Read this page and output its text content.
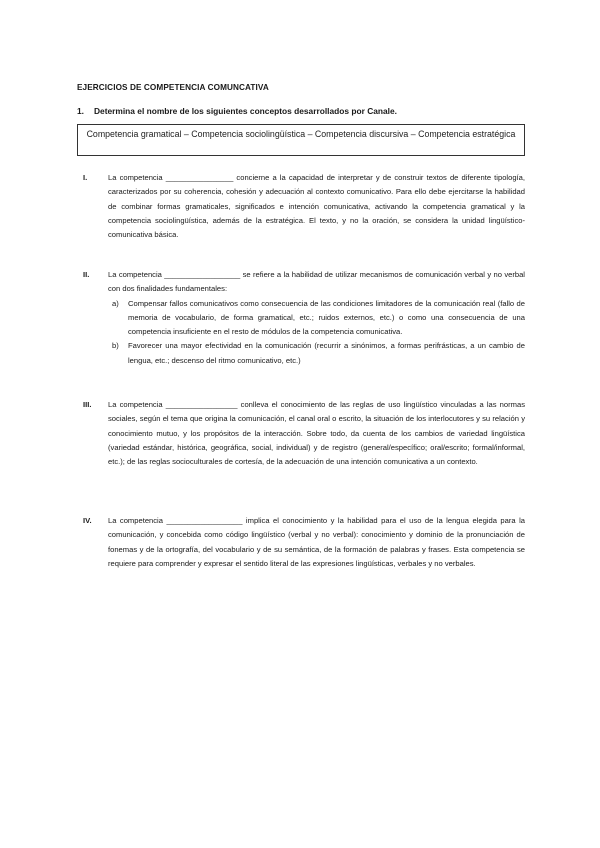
EJERCICIOS DE COMPETENCIA COMUNCATIVA
1. Determina el nombre de los siguientes conceptos desarrollados por Canale.
Competencia gramatical – Competencia sociolingüística – Competencia discursiva – Competencia estratégica
I.	La competencia ________________ concierne a la capacidad de interpretar y de construir textos de diferente tipología, caracterizados por su coherencia, cohesión y adecuación al contexto comunicativo. Para ello debe ejercitarse la habilidad de combinar formas gramaticales, significados e intención comunicativa, activando la competencia gramatical y la competencia sociolingüística, además de la estratégica. El texto, y no la oración, se considera la unidad lingüístico-comunicativa básica.
II.	La competencia __________________ se refiere a la habilidad de utilizar mecanismos de comunicación verbal y no verbal con dos finalidades fundamentales:
a) Compensar fallos comunicativos como consecuencia de las condiciones limitadores de la comunicación real (fallo de memoria de vocabulario, de forma gramatical, etc.; ruidos externos, etc.) o como una consecuencia de una competencia insuficiente en el resto de módulos de la competencia comunicativa.
b) Favorecer una mayor efectividad en la comunicación (recurrir a sinónimos, a formas perifrásticas, a un cambio de lengua, etc.; descenso del ritmo comunicativo, etc.)
III.	La competencia _________________ conlleva el conocimiento de las reglas de uso lingüístico vinculadas a las normas sociales, según el tema que origina la comunicación, el canal oral o escrito, la situación de los interlocutores y su relación y conocimiento mutuo, y los propósitos de la interacción. Sobre todo, da cuenta de los cambios de variedad lingüística (variedad estándar, histórica, geográfica, social, individual) y de registro (general/específico; oral/escrito; formal/informal, etc.); de las reglas socioculturales de cortesía, de la adecuación de una intención comunicativa a un contexto.
IV.	La competencia __________________ implica el conocimiento y la habilidad para el uso de la lengua elegida para la comunicación, y concebida como código lingüístico (verbal y no verbal): conocimiento y dominio de la pronunciación de fonemas y de la ortografía, del vocabulario y de su semántica, de la formación de palabras y frases. Esta competencia se requiere para comprender y expresar el sentido literal de las expresiones lingüísticas, verbales y no verbales.
